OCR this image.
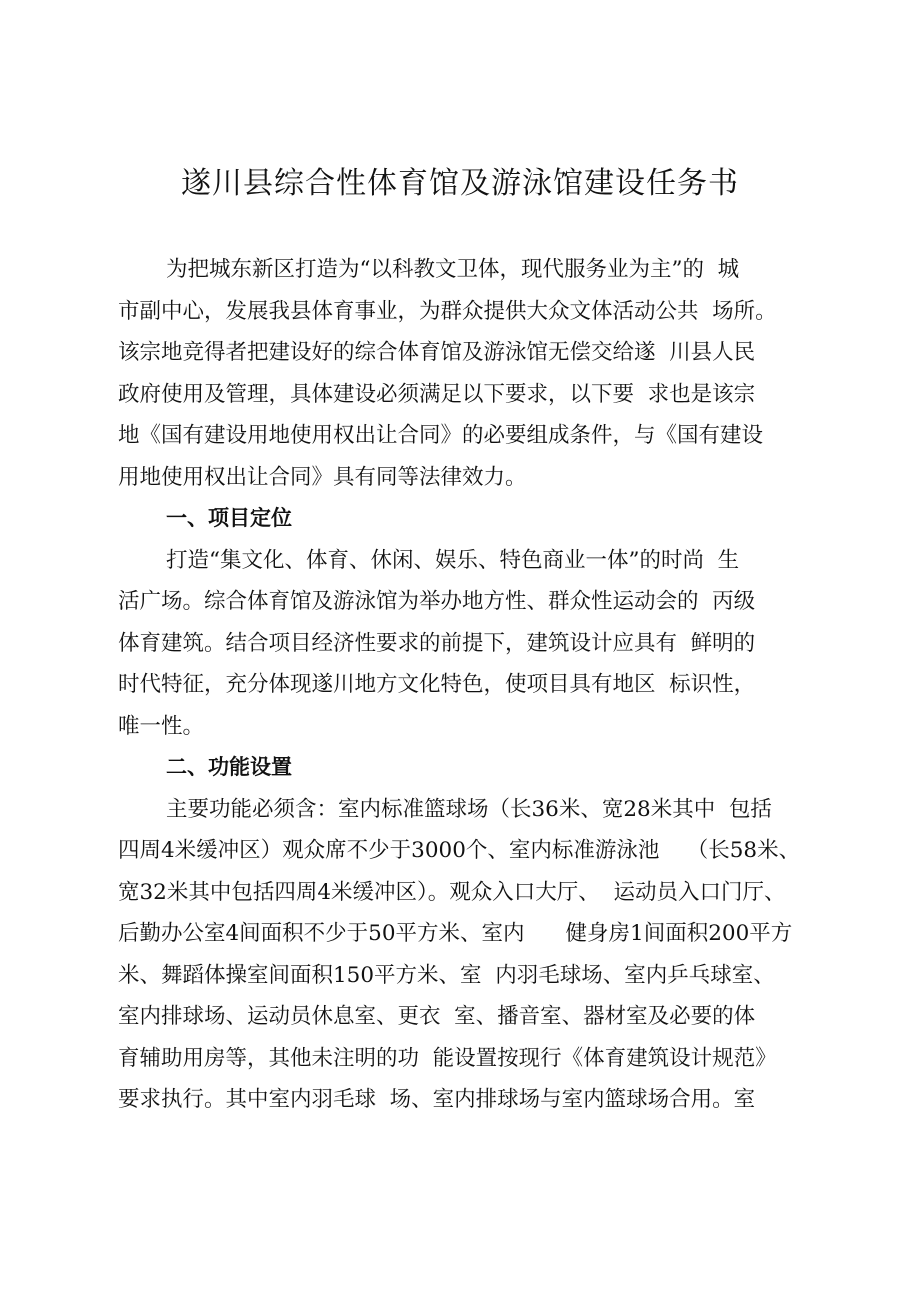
遂川县综合性体育馆及游泳馆建设任务书
为把城东新区打造为“以科教文卫体，现代服务业为主”的  城
市副中心，发展我县体育事业，为群众提供大众文体活动公共  场所。
该宗地竞得者把建设好的综合体育馆及游泳馆无偿交给遂  川县人民
政府使用及管理，具体建设必须满足以下要求，以下要  求也是该宗
地《国有建设用地使用权出让合同》的必要组成条件，与《国有建设
用地使用权出让合同》具有同等法律效力。
一、项目定位
打造“集文化、体育、休闲、娱乐、特色商业一体”的时尚  生
活广场。综合体育馆及游泳馆为举办地方性、群众性运动会的  丙级
体育建筑。结合项目经济性要求的前提下，建筑设计应具有  鲜明的
时代特征，充分体现遂川地方文化特色，使项目具有地区  标识性，
唯一性。
二、功能设置
主要功能必须含：室内标准篮球场（长36米、宽28米其中  包括
四周4米缓冲区）观众席不少于3000个、室内标准游泳池    （长58米、
宽32米其中包括四周4米缓冲区）。观众入口大厅、  运动员入口门厅、
后勤办公室4间面积不少于50平方米、室内      健身房1间面积200平方
米、舞蹈体操室间面积150平方米、室  内羽毛球场、室内乒乓球室、
室内排球场、运动员休息室、更衣  室、播音室、器材室及必要的体
育辅助用房等，其他未注明的功  能设置按现行《体育建筑设计规范》
要求执行。其中室内羽毛球  场、室内排球场与室内篮球场合用。室
